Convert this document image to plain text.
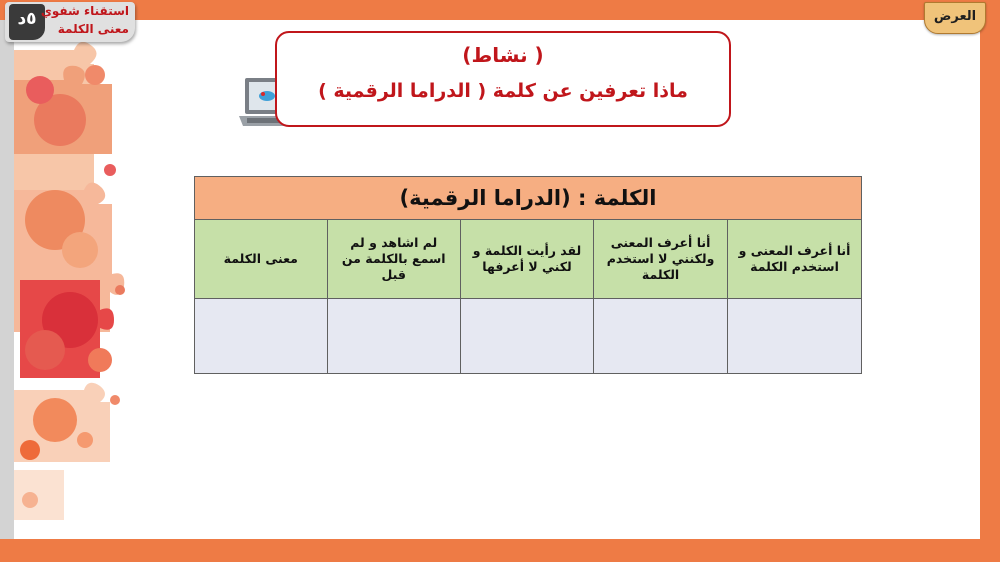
( نشاط)
ماذا تعرفين عن كلمة ( الدراما الرقمية )
الكلمة : (الدراما الرقمية)				
معنى الكلمة	لم اشاهد و لم اسمع بالكلمة من قبل	لقد رأيت الكلمة و لكني لا أعرفها	أنا أعرف المعنى ولكنني لا استخدم الكلمة	أنا أعرف المعنى و استخدم الكلمة

٥د استقناء شفوي
معنى الكلمة
العرض
